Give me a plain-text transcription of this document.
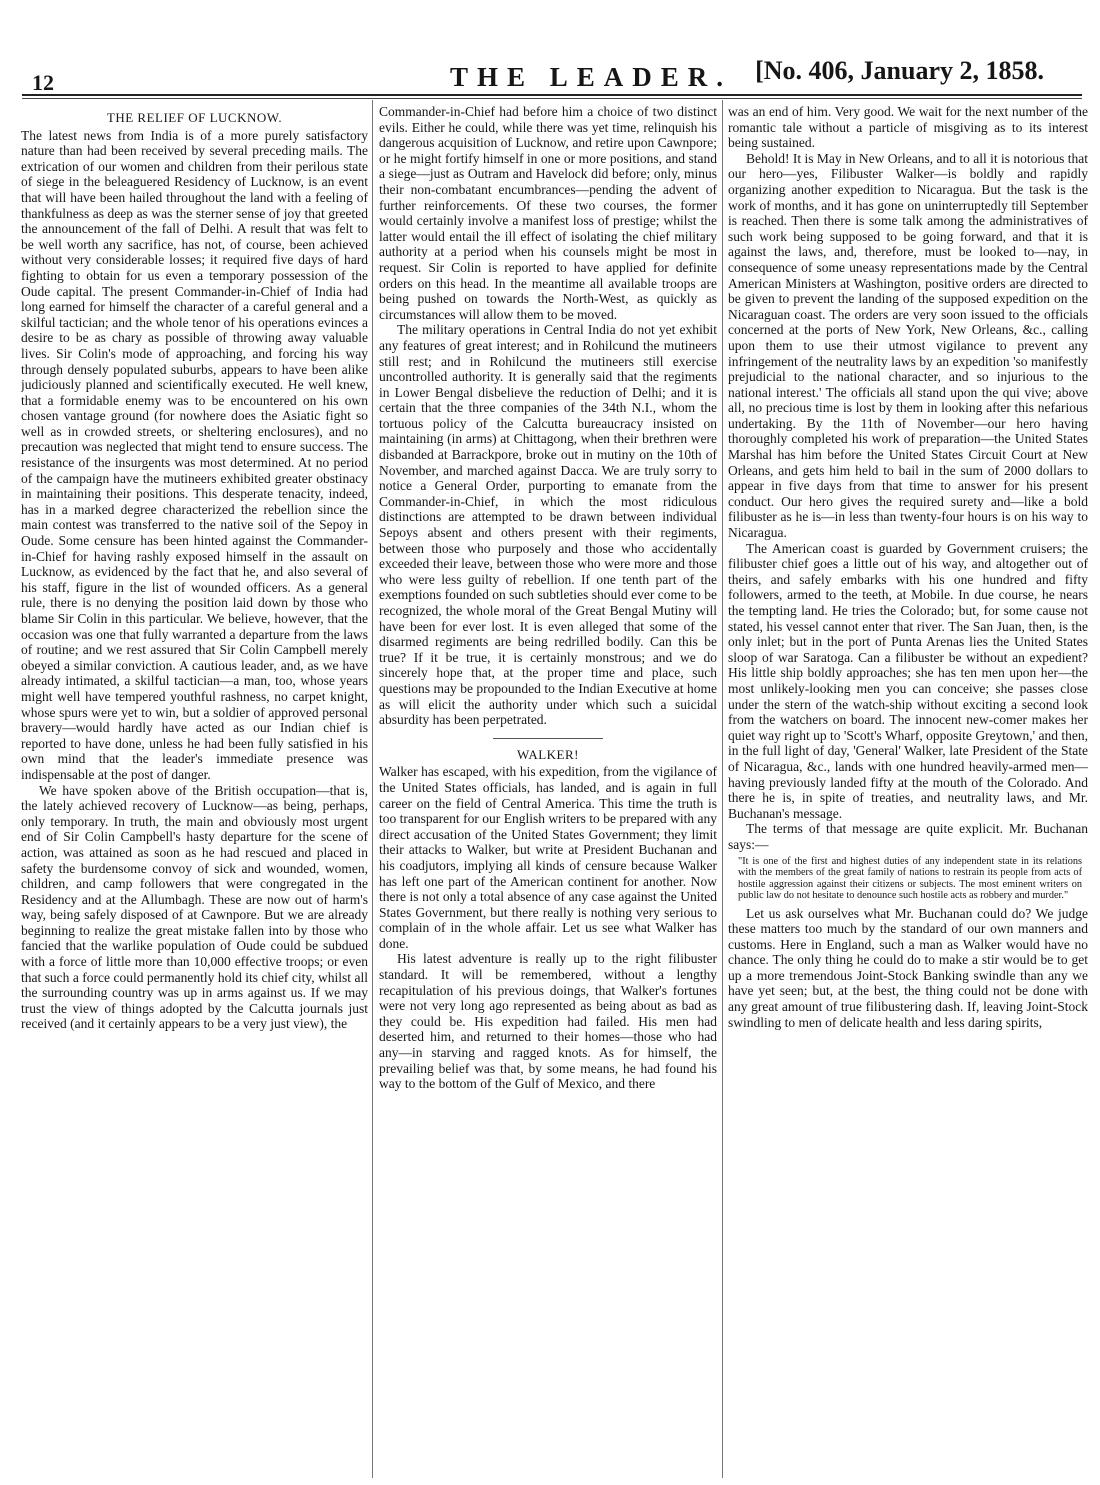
12	THE LEADER. [No. 406, January 2, 1858.
THE RELIEF OF LUCKNOW.

The latest news from India is of a more purely satisfactory nature than had been received by several preceding mails. The extrication of our women and children from their perilous state of siege in the beleaguered Residency of Lucknow, is an event that will have been hailed throughout the land with a feeling of thankfulness as deep as was the sterner sense of joy that greeted the announcement of the fall of Delhi. A result that was felt to be well worth any sacrifice, has not, of course, been achieved without very considerable losses; it required five days of hard fighting to obtain for us even a temporary possession of the Oude capital. The present Commander-in-Chief of India had long earned for himself the character of a careful general and a skilful tactician; and the whole tenor of his operations evinces a desire to be as chary as possible of throwing away valuable lives. Sir Colin's mode of approaching, and forcing his way through densely populated suburbs, appears to have been alike judiciously planned and scientifically executed. He well knew, that a formidable enemy was to be encountered on his own chosen vantage ground (for nowhere does the Asiatic fight so well as in crowded streets, or sheltering enclosures), and no precaution was neglected that might tend to ensure success. The resistance of the insurgents was most determined. At no period of the campaign have the mutineers exhibited greater obstinacy in maintaining their positions. This desperate tenacity, indeed, has in a marked degree characterized the rebellion since the main contest was transferred to the native soil of the Sepoy in Oude. Some censure has been hinted against the Commander-in-Chief for having rashly exposed himself in the assault on Lucknow, as evidenced by the fact that he, and also several of his staff, figure in the list of wounded officers. As a general rule, there is no denying the position laid down by those who blame Sir Colin in this particular. We believe, however, that the occasion was one that fully warranted a departure from the laws of routine; and we rest assured that Sir Colin Campbell merely obeyed a similar conviction. A cautious leader, and, as we have already intimated, a skilful tactician—a man, too, whose years might well have tempered youthful rashness, no carpet knight, whose spurs were yet to win, but a soldier of approved personal bravery—would hardly have acted as our Indian chief is reported to have done, unless he had been fully satisfied in his own mind that the leader's immediate presence was indispensable at the post of danger.

We have spoken above of the British occupation—that is, the lately achieved recovery of Lucknow—as being, perhaps, only temporary. In truth, the main and obviously most urgent end of Sir Colin Campbell's hasty departure for the scene of action, was attained as soon as he had rescued and placed in safety the burdensome convoy of sick and wounded, women, children, and camp followers that were congregated in the Residency and at the Allumbagh. These are now out of harm's way, being safely disposed of at Cawnpore. But we are already beginning to realize the great mistake fallen into by those who fancied that the warlike population of Oude could be subdued with a force of little more than 10,000 effective troops; or even that such a force could permanently hold its chief city, whilst all the surrounding country was up in arms against us. If we may trust the view of things adopted by the Calcutta journals just received (and it certainly appears to be a very just view), the

Commander-in-Chief had before him a choice of two distinct evils. Either he could, while there was yet time, relinquish his dangerous acquisition of Lucknow, and retire upon Cawnpore; or he might fortify himself in one or more positions, and stand a siege—just as Outram and Havelock did before; only, minus their non-combatant encumbrances—pending the advent of further reinforcements. Of these two courses, the former would certainly involve a manifest loss of prestige; whilst the latter would entail the ill effect of isolating the chief military authority at a period when his counsels might be most in request. Sir Colin is reported to have applied for definite orders on this head. In the meantime all available troops are being pushed on towards the North-West, as quickly as circumstances will allow them to be moved.

The military operations in Central India do not yet exhibit any features of great interest; and in Rohilcund the mutineers still rest; and in Rohilcund the mutineers still exercise uncontrolled authority. It is generally said that the regiments in Lower Bengal disbelieve the reduction of Delhi; and it is certain that the three companies of the 34th N.I., whom the tortuous policy of the Calcutta bureaucracy insisted on maintaining (in arms) at Chittagong, when their brethren were disbanded at Barrackpore, broke out in mutiny on the 10th of November, and marched against Dacca. We are truly sorry to notice a General Order, purporting to emanate from the Commander-in-Chief, in which the most ridiculous distinctions are attempted to be drawn between individual Sepoys absent and others present with their regiments, between those who purposely and those who accidentally exceeded their leave, between those who were more and those who were less guilty of rebellion. If one tenth part of the exemptions founded on such subtleties should ever come to be recognized, the whole moral of the Great Bengal Mutiny will have been for ever lost. It is even alleged that some of the disarmed regiments are being redrilled bodily. Can this be true? If it be true, it is certainly monstrous; and we do sincerely hope that, at the proper time and place, such questions may be propounded to the Indian Executive at home as will elicit the authority under which such a suicidal absurdity has been perpetrated.

WALKER!

Walker has escaped, with his expedition, from the vigilance of the United States officials, has landed, and is again in full career on the field of Central America. This time the truth is too transparent for our English writers to be prepared with any direct accusation of the United States Government; they limit their attacks to Walker, but write at President Buchanan and his coadjutors, implying all kinds of censure because Walker has left one part of the American continent for another. Now there is not only a total absence of any case against the United States Government, but there really is nothing very serious to complain of in the whole affair. Let us see what Walker has done.

His latest adventure is really up to the right filibuster standard. It will be remembered, without a lengthy recapitulation of his previous doings, that Walker's fortunes were not very long ago represented as being about as bad as they could be. His expedition had failed. His men had deserted him, and returned to their homes—those who had any—in starving and ragged knots. As for himself, the prevailing belief was that, by some means, he had found his way to the bottom of the Gulf of Mexico, and there

was an end of him. Very good. We wait for the next number of the romantic tale without a particle of misgiving as to its interest being sustained.

Behold! It is May in New Orleans, and to all it is notorious that our hero—yes, Filibuster Walker—is boldly and rapidly organizing another expedition to Nicaragua. But the task is the work of months, and it has gone on uninterruptedly till September is reached. Then there is some talk among the administratives of such work being supposed to be going forward, and that it is against the laws, and, therefore, must be looked to—nay, in consequence of some uneasy representations made by the Central American Ministers at Washington, positive orders are directed to be given to prevent the landing of the supposed expedition on the Nicaraguan coast. The orders are very soon issued to the officials concerned at the ports of New York, New Orleans, &c., calling upon them to use their utmost vigilance to prevent any infringement of the neutrality laws by an expedition 'so manifestly prejudicial to the national character, and so injurious to the national interest.' The officials all stand upon the qui vive; above all, no precious time is lost by them in looking after this nefarious undertaking. By the 11th of November—our hero having thoroughly completed his work of preparation—the United States Marshal has him before the United States Circuit Court at New Orleans, and gets him held to bail in the sum of 2000 dollars to appear in five days from that time to answer for his present conduct. Our hero gives the required surety and—like a bold filibuster as he is—in less than twenty-four hours is on his way to Nicaragua.

The American coast is guarded by Government cruisers; the filibuster chief goes a little out of his way, and altogether out of theirs, and safely embarks with his one hundred and fifty followers, armed to the teeth, at Mobile. In due course, he nears the tempting land. He tries the Colorado; but, for some cause not stated, his vessel cannot enter that river. The San Juan, then, is the only inlet; but in the port of Punta Arenas lies the United States sloop of war Saratoga. Can a filibuster be without an expedient? His little ship boldly approaches; she has ten men upon her—the most unlikely-looking men you can conceive; she passes close under the stern of the watch-ship without exciting a second look from the watchers on board. The innocent new-comer makes her quiet way right up to 'Scott's Wharf, opposite Greytown,' and then, in the full light of day, 'General' Walker, late President of the State of Nicaragua, &c., lands with one hundred heavily-armed men—having previously landed fifty at the mouth of the Colorado. And there he is, in spite of treaties, and neutrality laws, and Mr. Buchanan's message.

The terms of that message are quite explicit. Mr. Buchanan says:—

"It is one of the first and highest duties of any independent state in its relations with the members of the great family of nations to restrain its people from acts of hostile aggression against their citizens or subjects. The most eminent writers on public law do not hesitate to denounce such hostile acts as robbery and murder."

Let us ask ourselves what Mr. Buchanan could do? We judge these matters too much by the standard of our own manners and customs. Here in England, such a man as Walker would have no chance. The only thing he could do to make a stir would be to get up a more tremendous Joint-Stock Banking swindle than any we have yet seen; but, at the best, the thing could not be done with any great amount of true filibustering dash. If, leaving Joint-Stock swindling to men of delicate health and less daring spirits,
